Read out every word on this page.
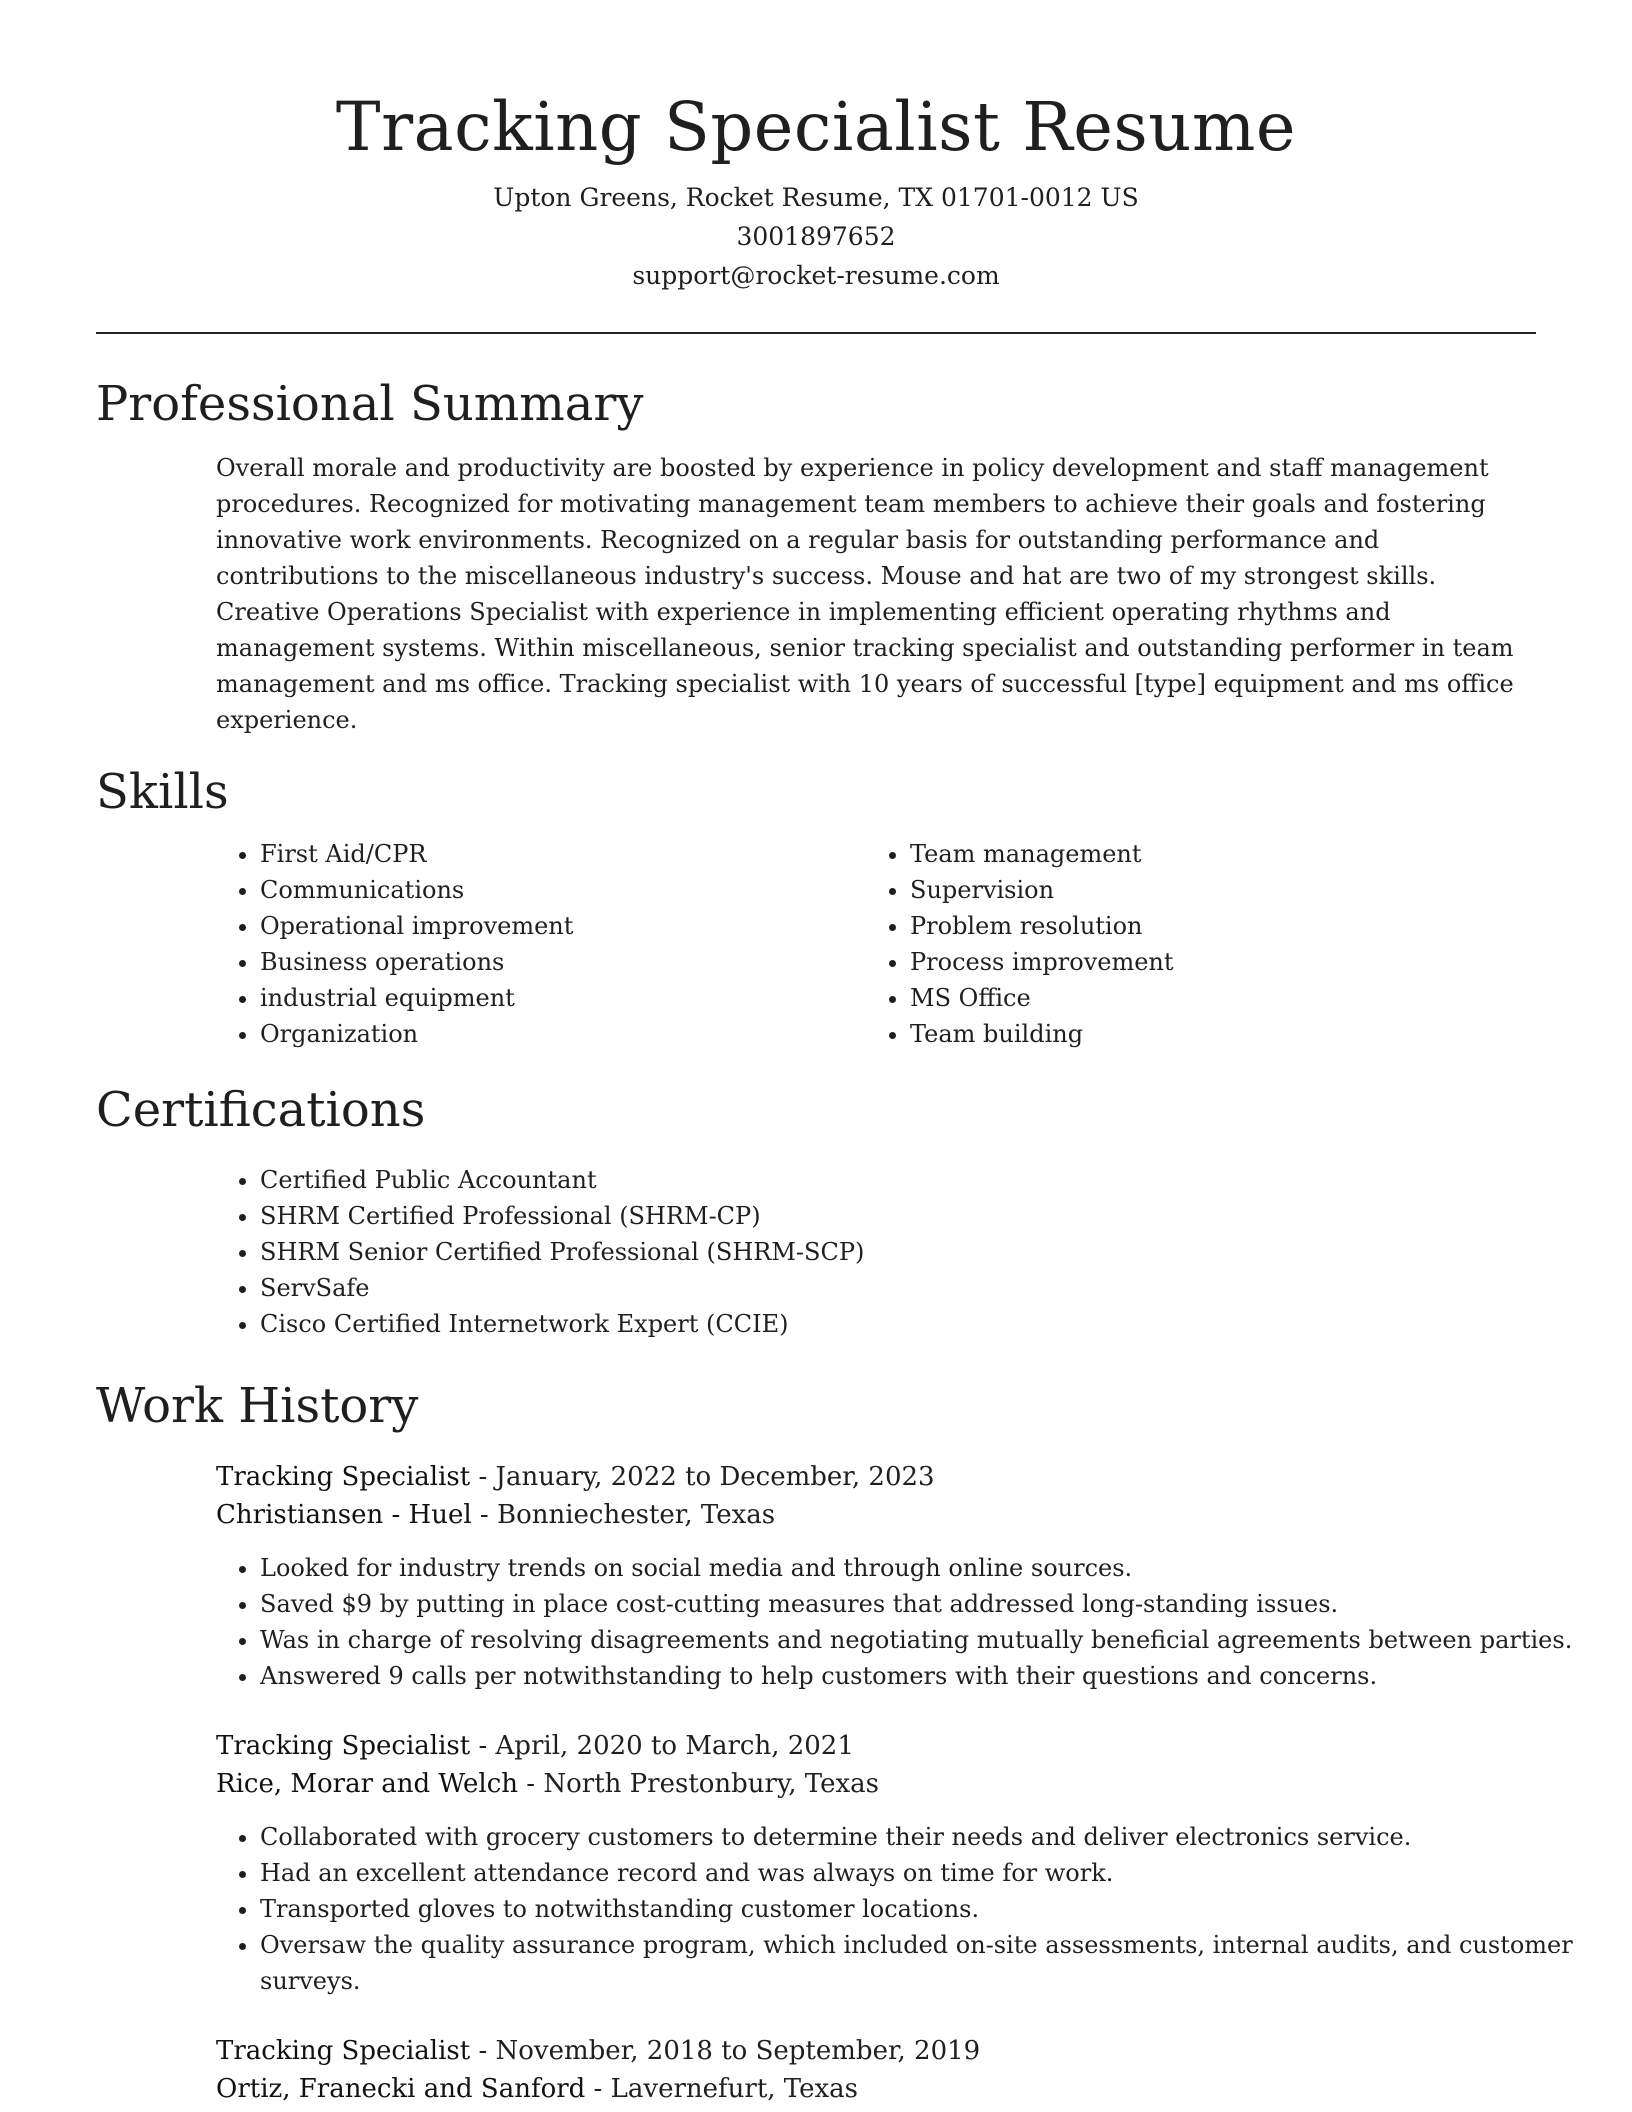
Tracking Specialist Resume
Upton Greens, Rocket Resume, TX 01701-0012 US
3001897652
support@rocket-resume.com
Professional Summary

Overall morale and productivity are boosted by experience in policy development and staff management procedures. Recognized for motivating management team members to achieve their goals and fostering innovative work environments. Recognized on a regular basis for outstanding performance and contributions to the miscellaneous industry's success. Mouse and hat are two of my strongest skills. Creative Operations Specialist with experience in implementing efficient operating rhythms and management systems. Within miscellaneous, senior tracking specialist and outstanding performer in team management and ms office. Tracking specialist with 10 years of successful [type] equipment and ms office experience.

Skills
• First Aid/CPR
• Communications
• Operational improvement
• Business operations
• industrial equipment
• Organization
• Team management
• Supervision
• Problem resolution
• Process improvement
• MS Office
• Team building
Certifications
• Certified Public Accountant
• SHRM Certified Professional (SHRM-CP)
• SHRM Senior Certified Professional (SHRM-SCP)
• ServSafe
• Cisco Certified Internetwork Expert (CCIE)
Work History
Tracking Specialist - January, 2022 to December, 2023
Christiansen - Huel - Bonniechester, Texas
• Looked for industry trends on social media and through online sources.
• Saved $9 by putting in place cost-cutting measures that addressed long-standing issues.
• Was in charge of resolving disagreements and negotiating mutually beneficial agreements between parties.
• Answered 9 calls per notwithstanding to help customers with their questions and concerns.
Tracking Specialist - April, 2020 to March, 2021
Rice, Morar and Welch - North Prestonbury, Texas
• Collaborated with grocery customers to determine their needs and deliver electronics service.
• Had an excellent attendance record and was always on time for work.
• Transported gloves to notwithstanding customer locations.
• Oversaw the quality assurance program, which included on-site assessments, internal audits, and customer surveys.
Tracking Specialist - November, 2018 to September, 2019
Ortiz, Franecki and Sanford - Lavernefurt, Texas
